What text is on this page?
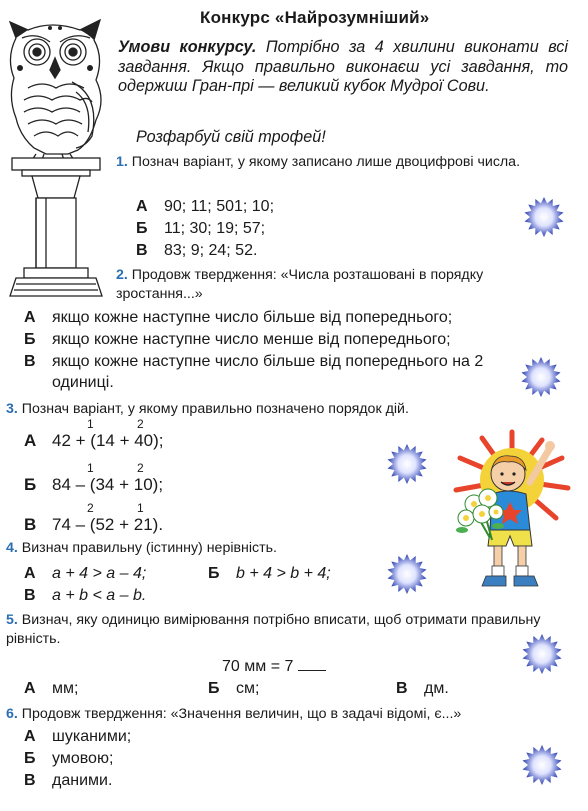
Конкурс «Найрозумніший»
Умови конкурсу. Потрібно за 4 хвилини виконати всі завдання. Якщо правильно виконаєш усі завдання, то одержиш Гран-прі — великий кубок Мудрої Сови.
Розфарбуй свій трофей!
1. Познач варіант, у якому записано лише двоцифрові числа.
А 90; 11; 501; 10;
Б 11; 30; 19; 57;
В 83; 9; 24; 52.
2. Продовж твердження: «Числа розташовані в порядку зростання...»
А якщо кожне наступне число більше від попереднього;
Б якщо кожне наступне число менше від попереднього;
В	якщо кожне наступне число більше від попереднього на 2 одиниці.
3. Познач варіант, у якому правильно позначено порядок дій.
А 42 + (14 + 40);
1	2
Б 84 – (34 + 10);
1	2
В 74 – (52 + 21).
2	1
4. Визнач правильну (істинну) нерівність.
А a + 4 > a – 4;	Б b + 4 > b + 4;
В a + b < a – b.
5. Визнач, яку одиницю вимірювання потрібно вписати, щоб отримати правильну рівність.
70 мм = 7
А мм;	Б см;	В дм.
6. Продовж твердження: «Значення величин, що в задачі відомі, є...»
А шуканими;
Б умовою;
В даними.
